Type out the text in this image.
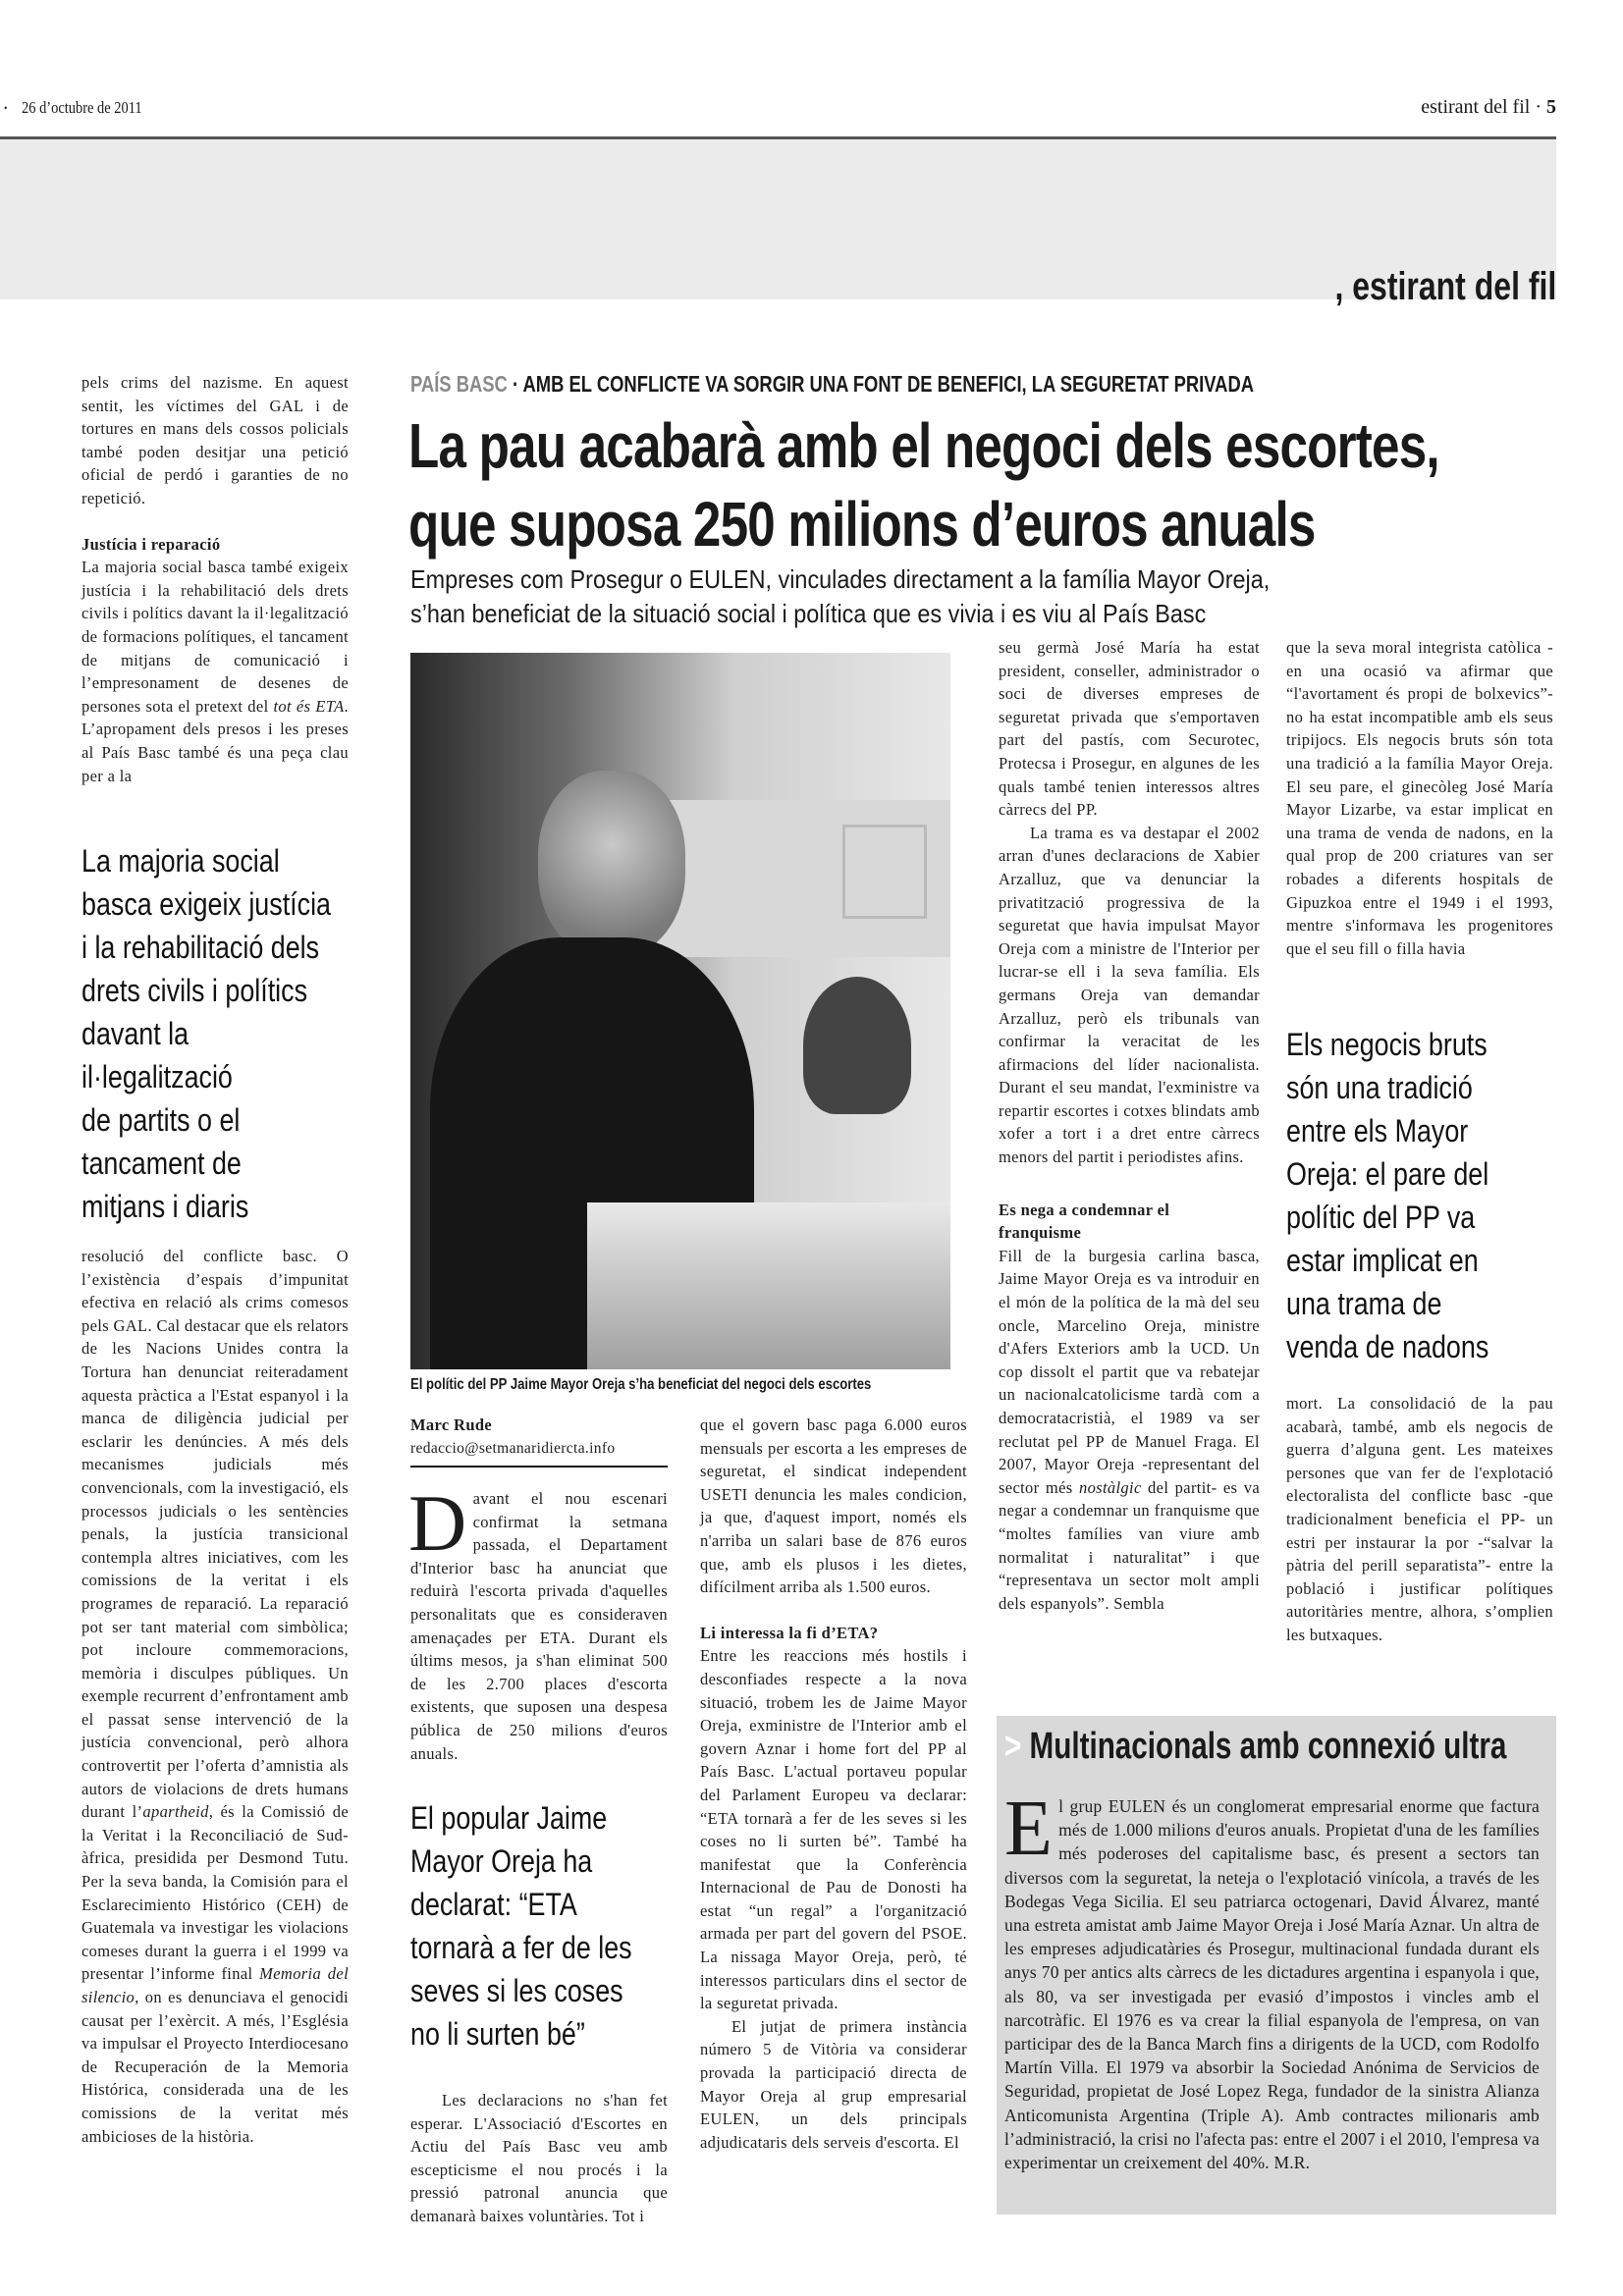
• 26 d’octubre de 2011	estirant del fil · 5
, estirant del fil

pels crims del nazisme. En aquest sentit, les víctimes del GAL i de tortures en mans dels cossos policials també poden desitjar una petició oficial de perdó i garanties de no repetició.

Justícia i reparació

La majoria social basca també exigeix justícia i la rehabilitació dels drets civils i polítics davant la il·legalització de formacions polítiques, el tancament de mitjans de comunicació i l’empresonament de desenes de persones sota el pretext del tot és ETA. L’apropament dels presos i les preses al País Basc també és una peça clau per a la

La majoria social
basca exigeix justícia
i la rehabilitació dels
drets civils i polítics
davant la
il·legalització
de partits o el
tancament de
mitjans i diaris

resolució del conflicte basc. O l’existència d’espais d’impunitat efectiva en relació als crims comesos pels GAL. Cal destacar que els relators de les Nacions Unides contra la Tortura han denunciat reiteradament aquesta pràctica a l'Estat espanyol i la manca de diligència judicial per esclarir les denúncies. A més dels mecanismes judicials més convencionals, com la investigació, els processos judicials o les sentències penals, la justícia transicional contempla altres iniciatives, com les comissions de la veritat i els programes de reparació. La reparació pot ser tant material com simbòlica; pot incloure commemoracions, memòria i disculpes públiques. Un exemple recurrent d’enfrontament amb el passat sense intervenció de la justícia convencional, però alhora controvertit per l’oferta d’amnistia als autors de violacions de drets humans durant l’apartheid, és la Comissió de la Veritat i la Reconciliació de Sud-àfrica, presidida per Desmond Tutu. Per la seva banda, la Comisión para el Esclarecimiento Histórico (CEH) de Guatemala va investigar les violacions comeses durant la guerra i el 1999 va presentar l’informe final Memoria del silencio, on es denunciava el genocidi causat per l’exèrcit. A més, l’Església va impulsar el Proyecto Interdiocesano de Recuperación de la Memoria Histórica, considerada una de les comissions de la veritat més ambicioses de la història.

PAÍS BASC · AMB EL CONFLICTE VA SORGIR UNA FONT DE BENEFICI, LA SEGURETAT PRIVADA
La pau acabarà amb el negoci dels escortes,
que suposa 250 milions d’euros anuals
Empreses com Prosegur o EULEN, vinculades directament a la família Mayor Oreja,
s’han beneficiat de la situació social i política que es vivia i es viu al País Basc
El polític del PP Jaime Mayor Oreja s’ha beneficiat del negoci dels escortes
Marc Rude
redaccio@setmanaridiercta.info
D avant el nou escenari confirmat la setmana passada, el Departament d'Interior basc ha anunciat que reduirà l'escorta privada d'aquelles personalitats que es consideraven amenaçades per ETA. Durant els últims mesos, ja s'han eliminat 500 de les 2.700 places d'escorta existents, que suposen una despesa pública de 250 milions d'euros anuals.

El popular Jaime
Mayor Oreja ha
declarat: “ETA
tornarà a fer de les
seves si les coses
no li surten bé”

Les declaracions no s'han fet esperar. L'Associació d'Escortes en Actiu del País Basc veu amb escepticisme el nou procés i la pressió patronal anuncia que demanarà baixes voluntàries. Tot i

que el govern basc paga 6.000 euros mensuals per escorta a les empreses de seguretat, el sindicat independent USETI denuncia les males condicion, ja que, d'aquest import, només els n'arriba un salari base de 876 euros que, amb els plusos i les dietes, difícilment arriba als 1.500 euros.

Li interessa la fi d’ETA?

Entre les reaccions més hostils i desconfiades respecte a la nova situació, trobem les de Jaime Mayor Oreja, exministre de l'Interior amb el govern Aznar i home fort del PP al País Basc. L'actual portaveu popular del Parlament Europeu va declarar: “ETA tornarà a fer de les seves si les coses no li surten bé”. També ha manifestat que la Conferència Internacional de Pau de Donosti ha estat “un regal” a l'organització armada per part del govern del PSOE. La nissaga Mayor Oreja, però, té interessos particulars dins el sector de la seguretat privada.

El jutjat de primera instància número 5 de Vitòria va considerar provada la participació directa de Mayor Oreja al grup empresarial EULEN, un dels principals adjudicataris dels serveis d'escorta. El

seu germà José María ha estat president, conseller, administrador o soci de diverses empreses de seguretat privada que s'emportaven part del pastís, com Securotec, Protecsa i Prosegur, en algunes de les quals també tenien interessos altres càrrecs del PP.

La trama es va destapar el 2002 arran d'unes declaracions de Xabier Arzalluz, que va denunciar la privatització progressiva de la seguretat que havia impulsat Mayor Oreja com a ministre de l'Interior per lucrar-se ell i la seva família. Els germans Oreja van demandar Arzalluz, però els tribunals van confirmar la veracitat de les afirmacions del líder nacionalista. Durant el seu mandat, l'exministre va repartir escortes i cotxes blindats amb xofer a tort i a dret entre càrrecs menors del partit i periodistes afins.

Es nega a condemnar el franquisme

Fill de la burgesia carlina basca, Jaime Mayor Oreja es va introduir en el món de la política de la mà del seu oncle, Marcelino Oreja, ministre d'Afers Exteriors amb la UCD. Un cop dissolt el partit que va rebatejar un nacionalcatolicisme tardà com a democratacristià, el 1989 va ser reclutat pel PP de Manuel Fraga. El 2007, Mayor Oreja -representant del sector més nostàlgic del partit- es va negar a condemnar un franquisme que “moltes famílies van viure amb normalitat i naturalitat” i que “representava un sector molt ampli dels espanyols”. Sembla

que la seva moral integrista catòlica -en una ocasió va afirmar que “l'avortament és propi de bolxevics”- no ha estat incompatible amb els seus tripijocs. Els negocis bruts són tota una tradició a la família Mayor Oreja. El seu pare, el ginecòleg José María Mayor Lizarbe, va estar implicat en una trama de venda de nadons, en la qual prop de 200 criatures van ser robades a diferents hospitals de Gipuzkoa entre el 1949 i el 1993, mentre s'informava les progenitores que el seu fill o filla havia

Els negocis bruts
són una tradició
entre els Mayor
Oreja: el pare del
polític del PP va
estar implicat en
una trama de
venda de nadons

mort. La consolidació de la pau acabarà, també, amb els negocis de guerra d’alguna gent. Les mateixes persones que van fer de l'explotació electoralista del conflicte basc -que tradicionalment beneficia el PP- un estri per instaurar la por -“salvar la pàtria del perill separatista”- entre la població i justificar polítiques autoritàries mentre, alhora, s’omplien les butxaques.

> Multinacionals amb connexió ultra
E l grup EULEN és un conglomerat empresarial enorme que factura més de 1.000 milions d'euros anuals. Propietat d'una de les famílies més poderoses del capitalisme basc, és present a sectors tan diversos com la seguretat, la neteja o l'explotació vinícola, a través de les Bodegas Vega Sicilia. El seu patriarca octogenari, David Álvarez, manté una estreta amistat amb Jaime Mayor Oreja i José María Aznar. Un altra de les empreses adjudicatàries és Prosegur, multinacional fundada durant els anys 70 per antics alts càrrecs de les dictadures argentina i espanyola i que, als 80, va ser investigada per evasió d’impostos i vincles amb el narcotràfic. El 1976 es va crear la filial espanyola de l'empresa, on van participar des de la Banca March fins a dirigents de la UCD, com Rodolfo Martín Villa. El 1979 va absorbir la Sociedad Anónima de Servicios de Seguridad, propietat de José Lopez Rega, fundador de la sinistra Alianza Anticomunista Argentina (Triple A). Amb contractes milionaris amb l’administració, la crisi no l'afecta pas: entre el 2007 i el 2010, l'empresa va experimentar un creixement del 40%. M.R.
